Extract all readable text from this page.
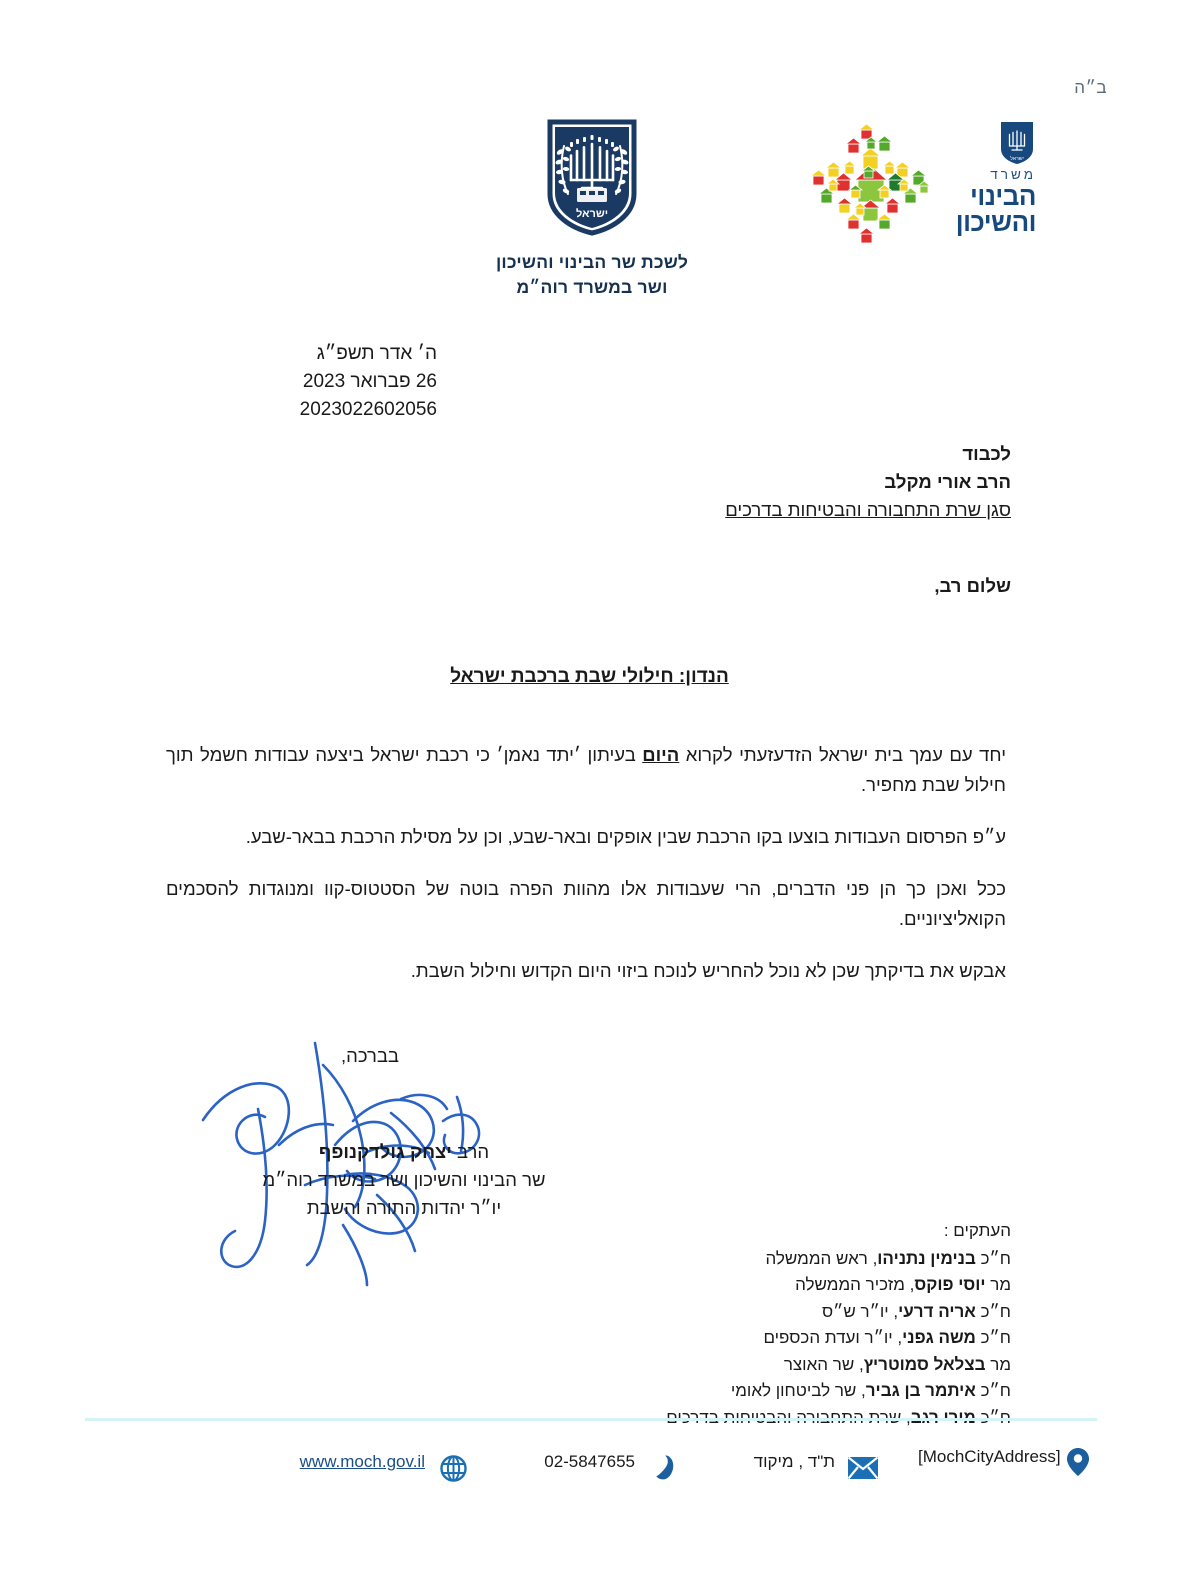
ב״ה
ישראל
לשכת שר הבינוי והשיכון
ושר במשרד רוה״מ
ישראל
משרד
הבינוי
והשיכון
ה׳ אדר תשפ״ג
26 פברואר 2023
2023022602056
לכבוד
הרב אורי מקלב
סגן שרת התחבורה והבטיחות בדרכים
שלום רב,
הנדון: חילולי שבת ברכבת ישראל

יחד עם עמך בית ישראל הזדעזעתי לקרוא היום בעיתון ׳יתד נאמן׳ כי רכבת ישראל ביצעה עבודות חשמל תוך חילול שבת מחפיר.

ע״פ הפרסום העבודות בוצעו בקו הרכבת שבין אופקים ובאר-שבע, וכן על מסילת הרכבת בבאר-שבע.

ככל ואכן כך הן פני הדברים, הרי שעבודות אלו מהוות הפרה בוטה של הסטטוס-קוו ומנוגדות להסכמים הקואליציוניים.

אבקש את בדיקתך שכן לא נוכל להחריש לנוכח ביזוי היום הקדוש וחילול השבת.

בברכה,
הרב יצחק גולדקנופף
שר הבינוי והשיכון ושר במשרד רוה״מ
יו״ר יהדות התורה והשבת
העתקים :
ח״כ בנימין נתניהו, ראש הממשלה
מר יוסי פוקס, מזכיר הממשלה
ח״כ אריה דרעי, יו״ר ש״ס
ח״כ משה גפני, יו״ר ועדת הכספים
מר בצלאל סמוטריץ, שר האוצר
ח״כ איתמר בן גביר, שר לביטחון לאומי
[MochCityAddress]
ת"ד , מיקוד
02-5847655
www.moch.gov.il
